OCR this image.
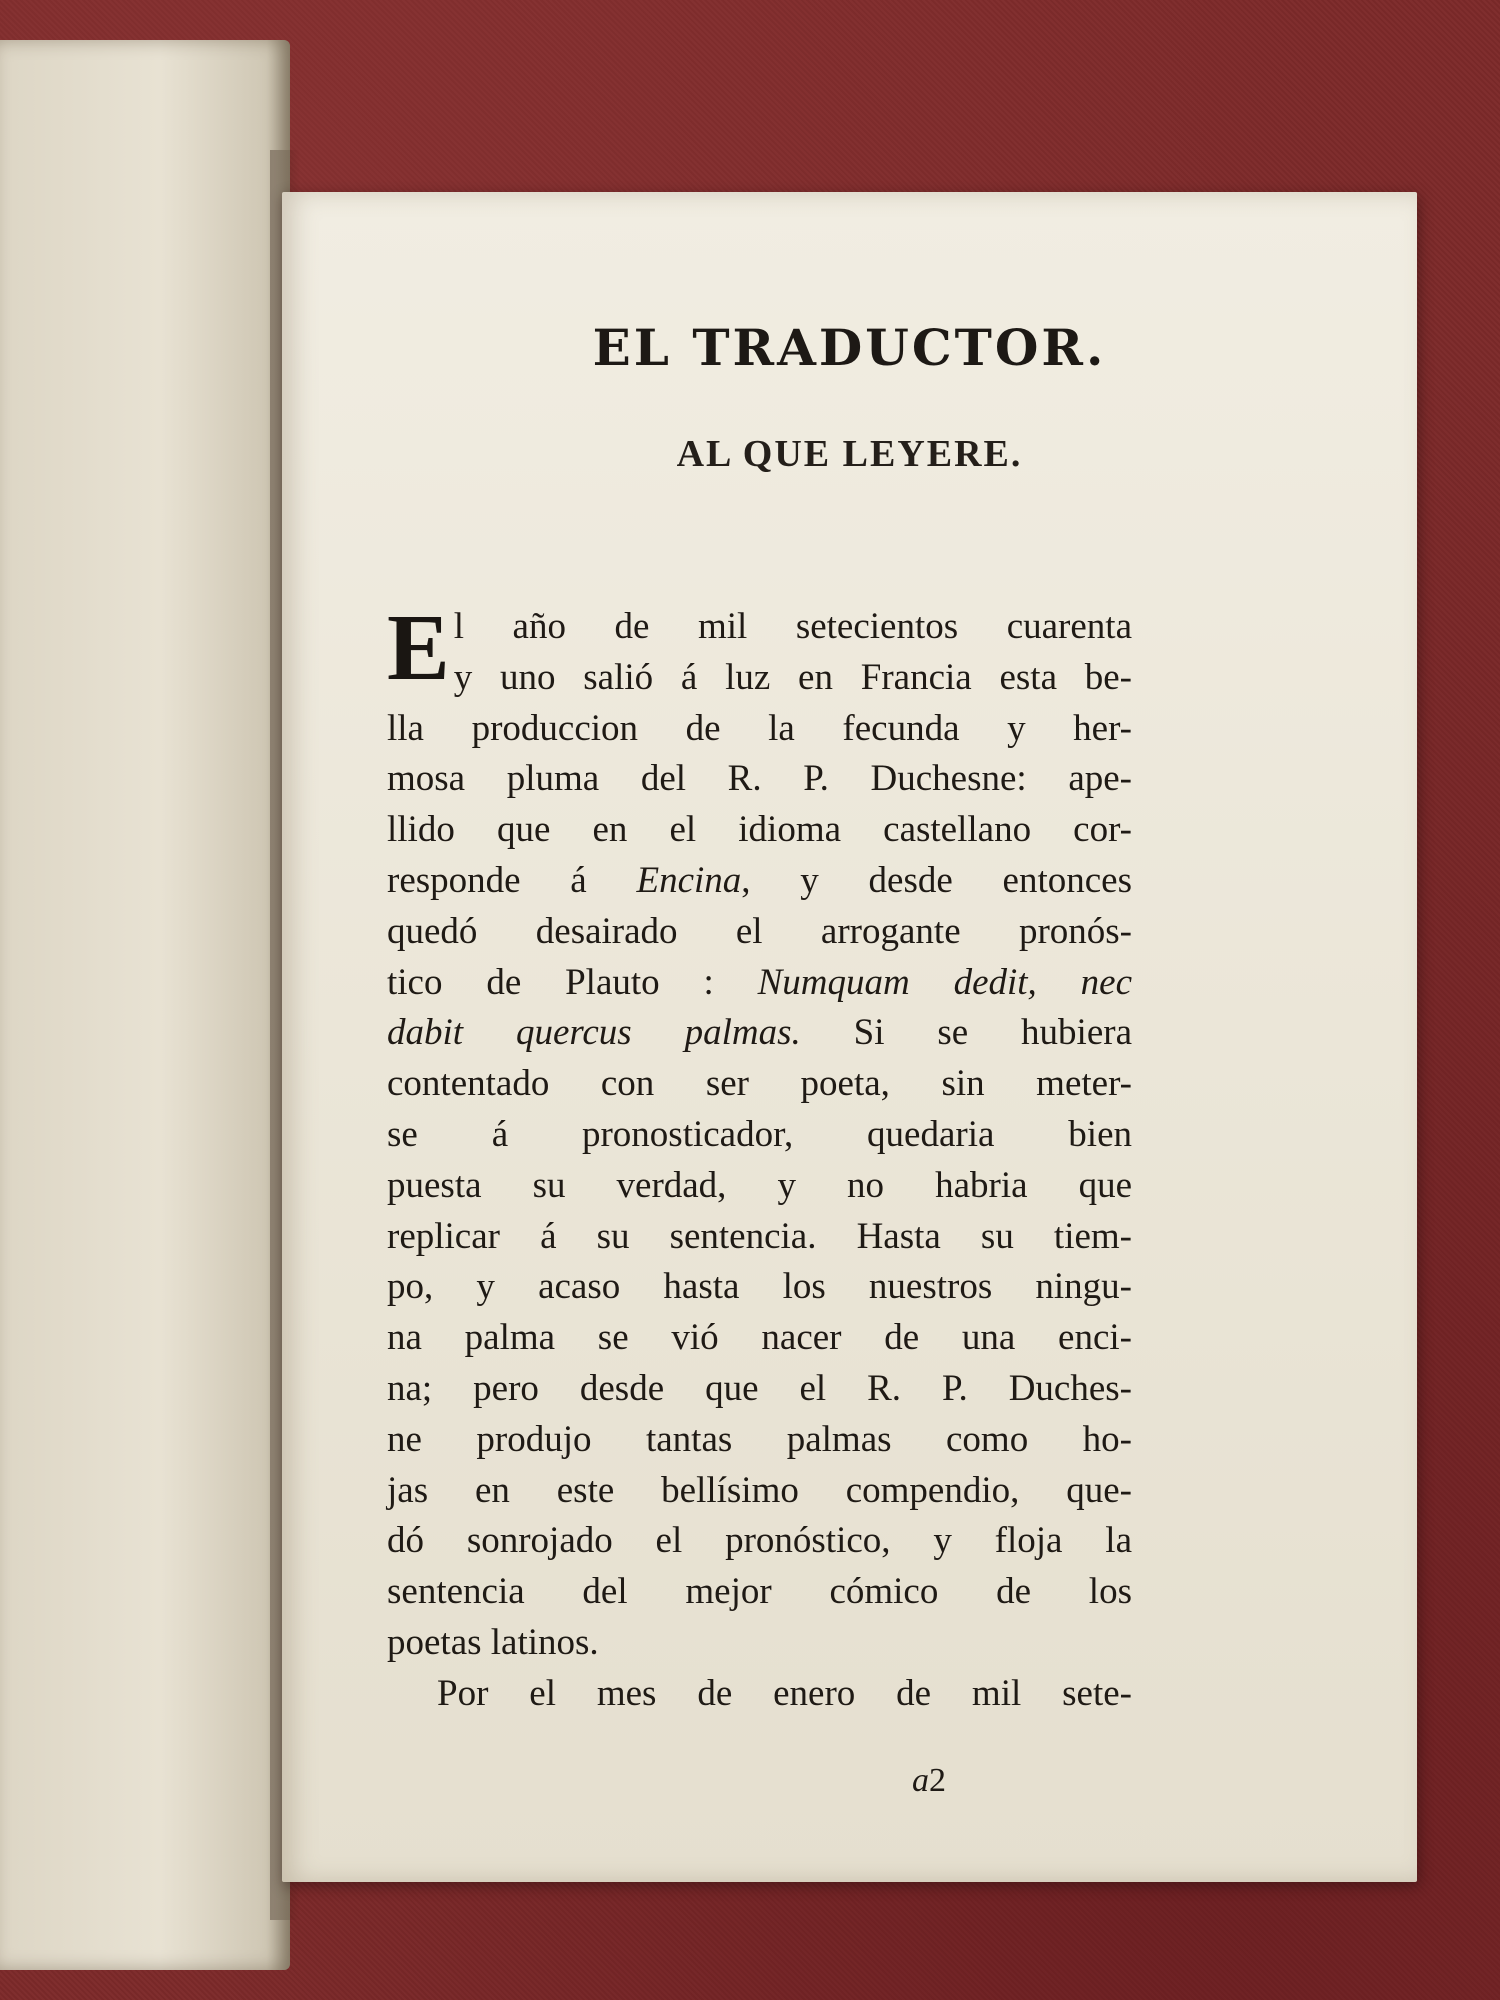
EL TRADUCTOR.
AL QUE LEYERE.
E l año de mil setecientos cuarenta
y uno salió á luz en Francia esta be-
lla produccion de la fecunda y her-
mosa pluma del R. P. Duchesne: ape-
llido que en el idioma castellano cor-
responde á Encina, y desde entonces
quedó desairado el arrogante pronós-
tico de Plauto : Numquam dedit, nec
dabit quercus palmas. Si se hubiera
contentado con ser poeta, sin meter-
se á pronosticador, quedaria bien
puesta su verdad, y no habria que
replicar á su sentencia. Hasta su tiem-
po, y acaso hasta los nuestros ningu-
na palma se vió nacer de una enci-
na; pero desde que el R. P. Duches-
ne produjo tantas palmas como ho-
jas en este bellísimo compendio, que-
dó sonrojado el pronóstico, y floja la
sentencia del mejor cómico de los
poetas latinos.
Por el mes de enero de mil sete-
a2
